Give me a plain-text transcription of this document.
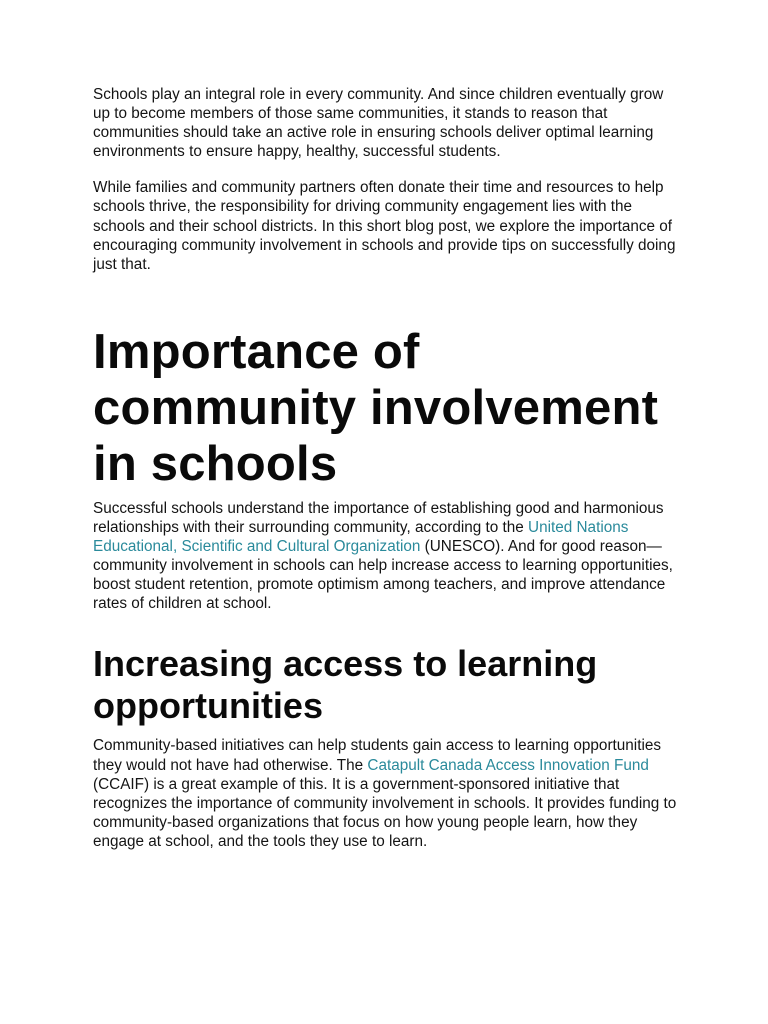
Schools play an integral role in every community. And since children eventually grow up to become members of those same communities, it stands to reason that communities should take an active role in ensuring schools deliver optimal learning environments to ensure happy, healthy, successful students.

While families and community partners often donate their time and resources to help schools thrive, the responsibility for driving community engagement lies with the schools and their school districts. In this short blog post, we explore the importance of encouraging community involvement in schools and provide tips on successfully doing just that.

Importance of community involvement in schools

Successful schools understand the importance of establishing good and harmonious relationships with their surrounding community, according to the United Nations Educational, Scientific and Cultural Organization (UNESCO). And for good reason—community involvement in schools can help increase access to learning opportunities, boost student retention, promote optimism among teachers, and improve attendance rates of children at school.

Increasing access to learning opportunities

Community-based initiatives can help students gain access to learning opportunities they would not have had otherwise. The Catapult Canada Access Innovation Fund (CCAIF) is a great example of this. It is a government-sponsored initiative that recognizes the importance of community involvement in schools. It provides funding to community-based organizations that focus on how young people learn, how they engage at school, and the tools they use to learn.
